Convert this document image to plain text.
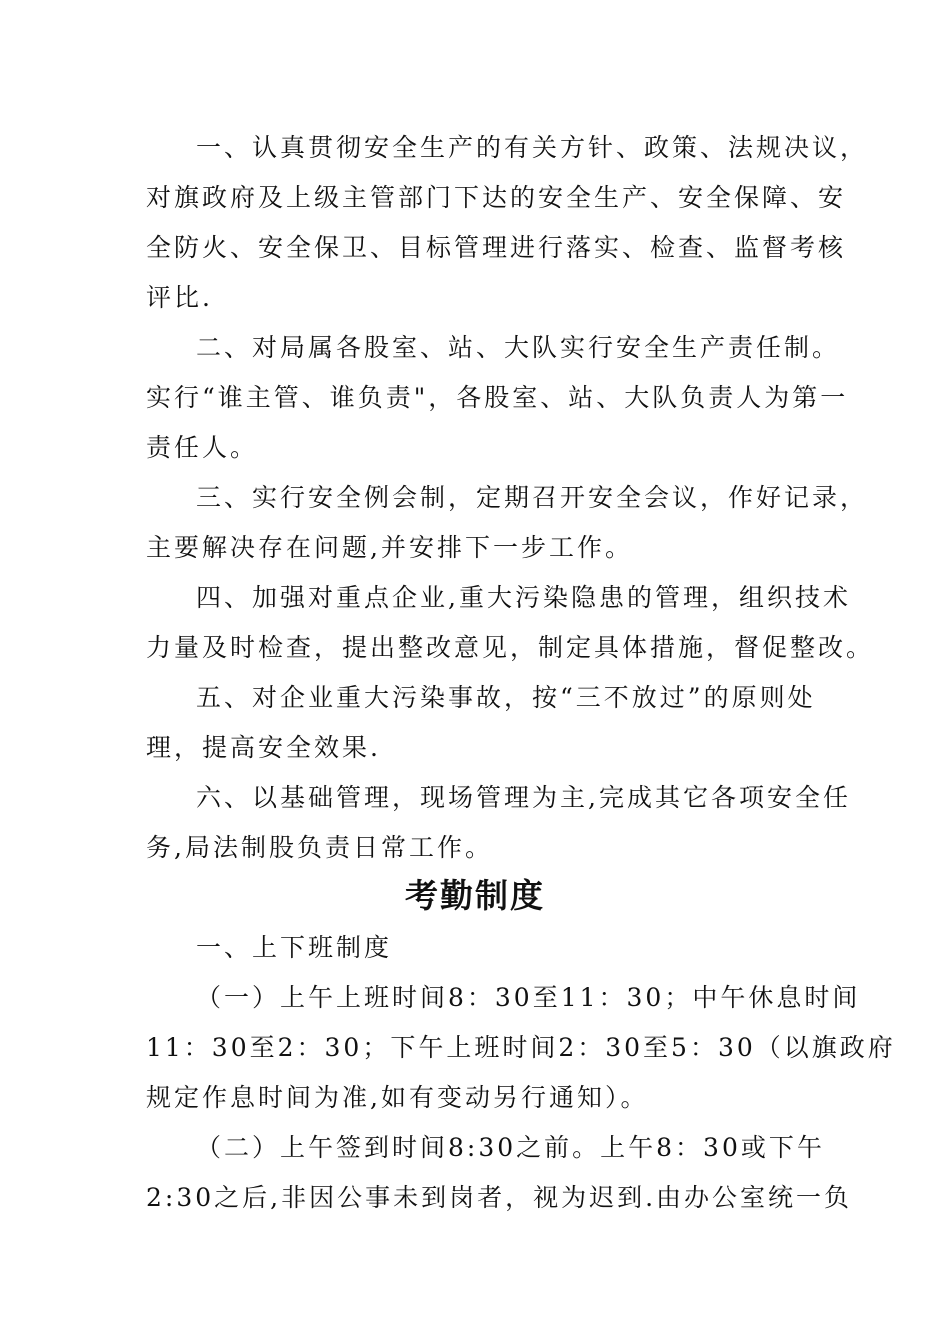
一、认真贯彻安全生产的有关方针、政策、法规决议，
对旗政府及上级主管部门下达的安全生产、安全保障、安
全防火、安全保卫、目标管理进行落实、检查、监督考核
评比.
二、对局属各股室、站、大队实行安全生产责任制。
实行“谁主管、谁负责"，各股室、站、大队负责人为第一
责任人。
三、实行安全例会制，定期召开安全会议，作好记录，
主要解决存在问题,并安排下一步工作。
四、加强对重点企业,重大污染隐患的管理，组织技术
力量及时检查，提出整改意见，制定具体措施，督促整改。
五、对企业重大污染事故，按“三不放过”的原则处
理，提高安全效果.
六、以基础管理，现场管理为主,完成其它各项安全任
务,局法制股负责日常工作。
考勤制度
一、上下班制度
（一）上午上班时间8：30至11：30；中午休息时间
11：30至2：30；下午上班时间2：30至5：30（以旗政府
规定作息时间为准,如有变动另行通知）。
（二）上午签到时间8:30之前。上午8：30或下午
2:30之后,非因公事未到岗者，视为迟到.由办公室统一负
